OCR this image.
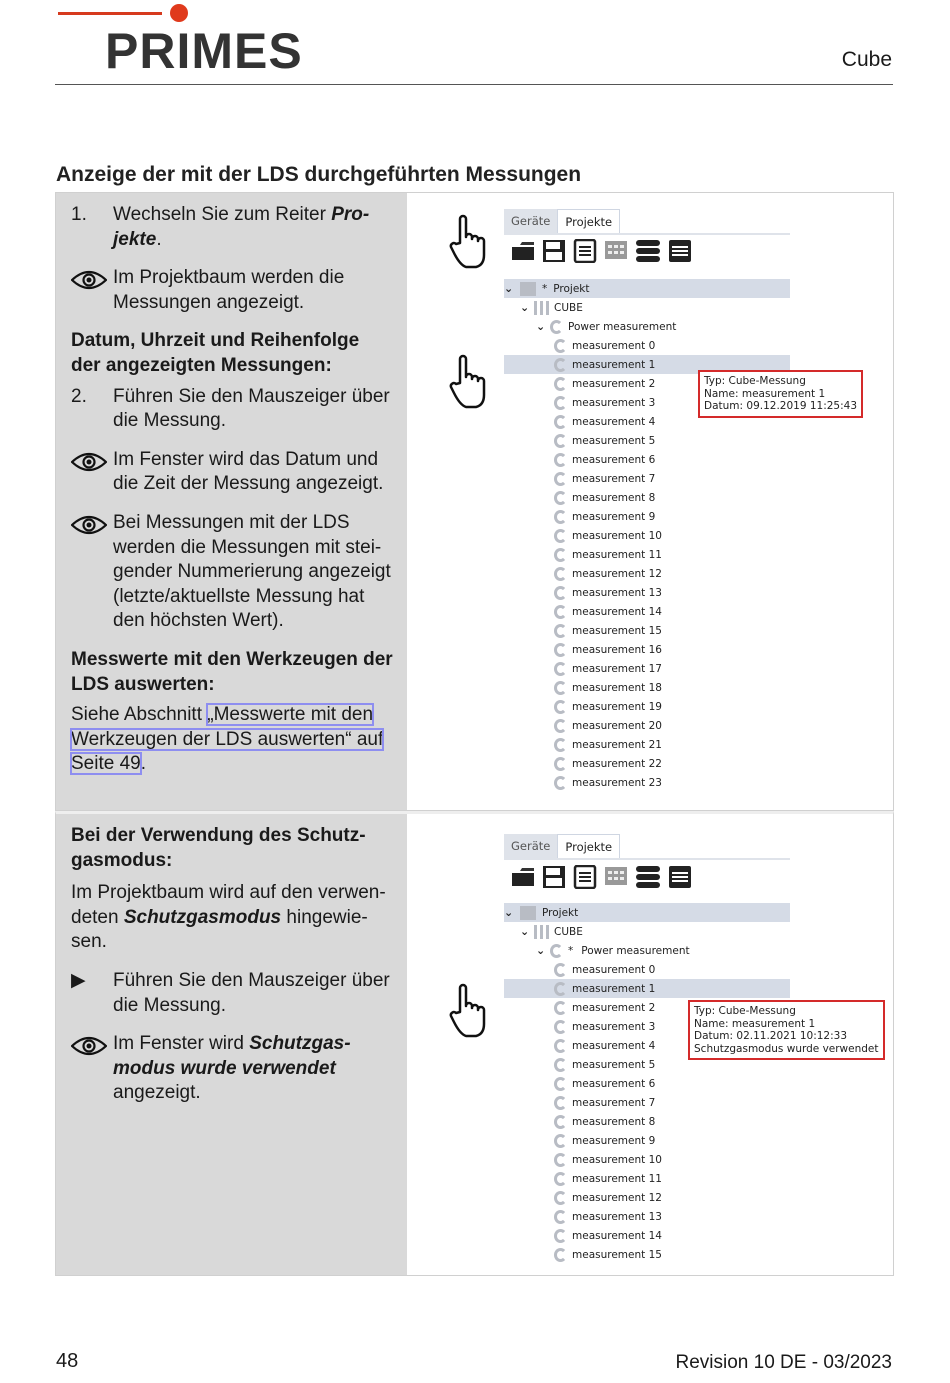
PRIMES	Cube
Anzeige der mit der LDS durchgeführten Messungen
1.	Wechseln Sie zum Reiter Pro-jekte.
Im Projektbaum werden die Messungen angezeigt.
Datum, Uhrzeit und Reihenfolge der angezeigten Messungen:
2.	Führen Sie den Mauszeiger über die Messung.
Im Fenster wird das Datum und die Zeit der Messung angezeigt.
Bei Messungen mit der LDS werden die Messungen mit stei-gender Nummerierung angezeigt (letzte/aktuellste Messung hat den höchsten Wert).
Messwerte mit den Werkzeugen der LDS auswerten:
Siehe Abschnitt „Messwerte mit den
Werkzeugen der LDS auswerten“ auf
Seite 49.
Geräte	Projekte
⌄	* Projekt
⌄	CUBE
⌄	Power measurement
measurement 0
measurement 1
measurement 2
measurement 3
measurement 4
measurement 5
measurement 6
measurement 7
measurement 8
measurement 9
measurement 10
measurement 11
measurement 12
measurement 13
measurement 14
measurement 15
measurement 16
measurement 17
measurement 18
measurement 19
measurement 20
measurement 21
measurement 22
measurement 23
Typ: Cube-Messung
Name: measurement 1
Datum: 09.12.2019 11:25:43
Bei der Verwendung des Schutz-gasmodus:
Im Projektbaum wird auf den verwen-deten Schutzgasmodus hingewie-sen.
▶	Führen Sie den Mauszeiger über die Messung.
Im Fenster wird Schutzgas-modus wurde verwendet angezeigt.
Geräte	Projekte
⌄	Projekt
⌄	CUBE
⌄	* Power measurement
measurement 0
measurement 1
measurement 2
measurement 3
measurement 4
measurement 5
measurement 6
measurement 7
measurement 8
measurement 9
measurement 10
measurement 11
measurement 12
measurement 13
measurement 14
measurement 15
Typ: Cube-Messung
Name: measurement 1
Datum: 02.11.2021 10:12:33
Schutzgasmodus wurde verwendet
48	Revision 10 DE - 03/2023
